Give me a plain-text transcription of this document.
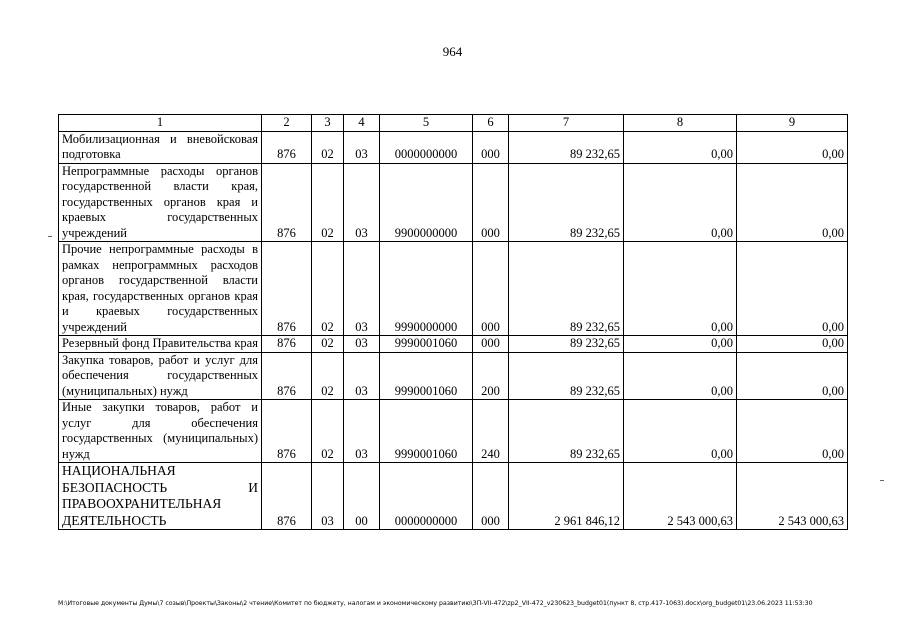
964
1	2	3	4	5	6	7	8	9
Мобилизационная и вневойсковая подготовка	876	02	03	0000000000	000	89 232,65	0,00	0,00
Непрограммные расходы органов государственной власти края, государственных органов края и краевых государственных учреждений	876	02	03	9900000000	000	89 232,65	0,00	0,00
Прочие непрограммные расходы в рамках непрограммных расходов органов государственной власти края, государственных органов края и краевых государственных учреждений	876	02	03	9990000000	000	89 232,65	0,00	0,00
Резервный фонд Правительства края	876	02	03	9990001060	000	89 232,65	0,00	0,00
Закупка товаров, работ и услуг для обеспечения государственных (муниципальных) нужд	876	02	03	9990001060	200	89 232,65	0,00	0,00
Иные закупки товаров, работ и услуг для обеспечения государственных (муниципальных) нужд	876	02	03	9990001060	240	89 232,65	0,00	0,00
НАЦИОНАЛЬНАЯ БЕЗОПАСНОСТЬ И ПРАВООХРАНИТЕЛЬНАЯ ДЕЯТЕЛЬНОСТЬ	876	03	00	0000000000	000	2 961 846,12	2 543 000,63	2 543 000,63
M:\Итоговые документы Думы\7 созыв\Проекты\Законы\2 чтение\Комитет по бюджету, налогам и экономическому развитию\ЗП-VII-472\zp2_VII-472_v230623_budget01(пункт 8, стр.417-1063).docx\org_budget01\23.06.2023 11:53:30
